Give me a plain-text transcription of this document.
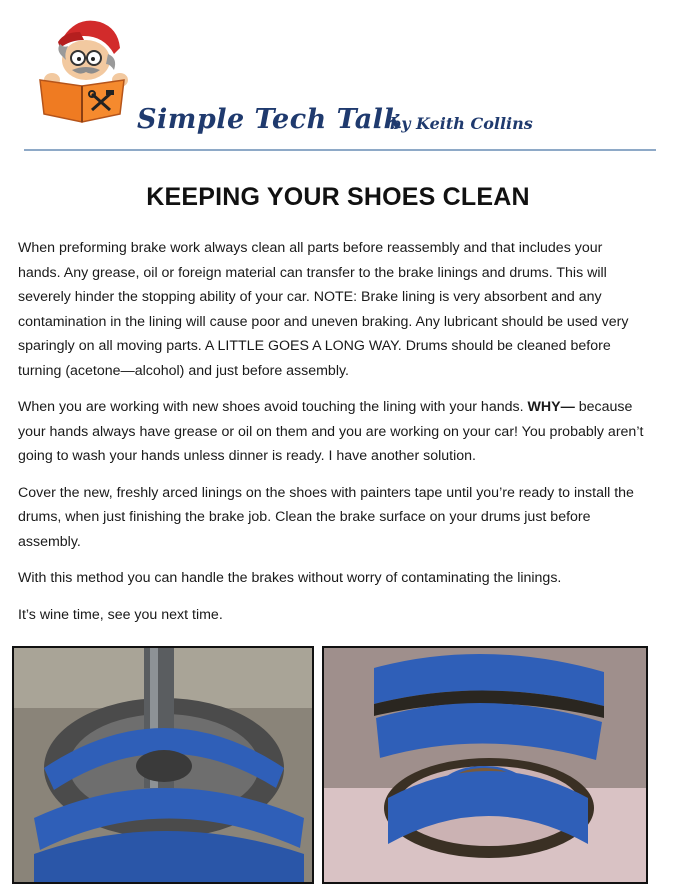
Simple Tech Talk
by Keith Collins
KEEPING YOUR SHOES CLEAN

When preforming brake work always clean all parts before reassembly and that includes your hands. Any grease, oil or foreign material can transfer to the brake linings and drums. This will severely hinder the stopping ability of your car. NOTE: Brake lining is very absorbent and any contamination in the lining will cause poor and uneven braking. Any lubricant should be used very sparingly on all moving parts. A LITTLE GOES A LONG WAY. Drums should be cleaned before turning (acetone—alcohol) and just before assembly.

When you are working with new shoes avoid touching the lining with your hands. WHY— because your hands always have grease or oil on them and you are working on your car! You probably aren’t going to wash your hands unless dinner is ready. I have another solution.

Cover the new, freshly arced linings on the shoes with painters tape until you’re ready to install the drums, when just finishing the brake job. Clean the brake surface on your drums just before assembly.

With this method you can handle the brakes without worry of contaminating the linings.

It’s wine time, see you next time.
